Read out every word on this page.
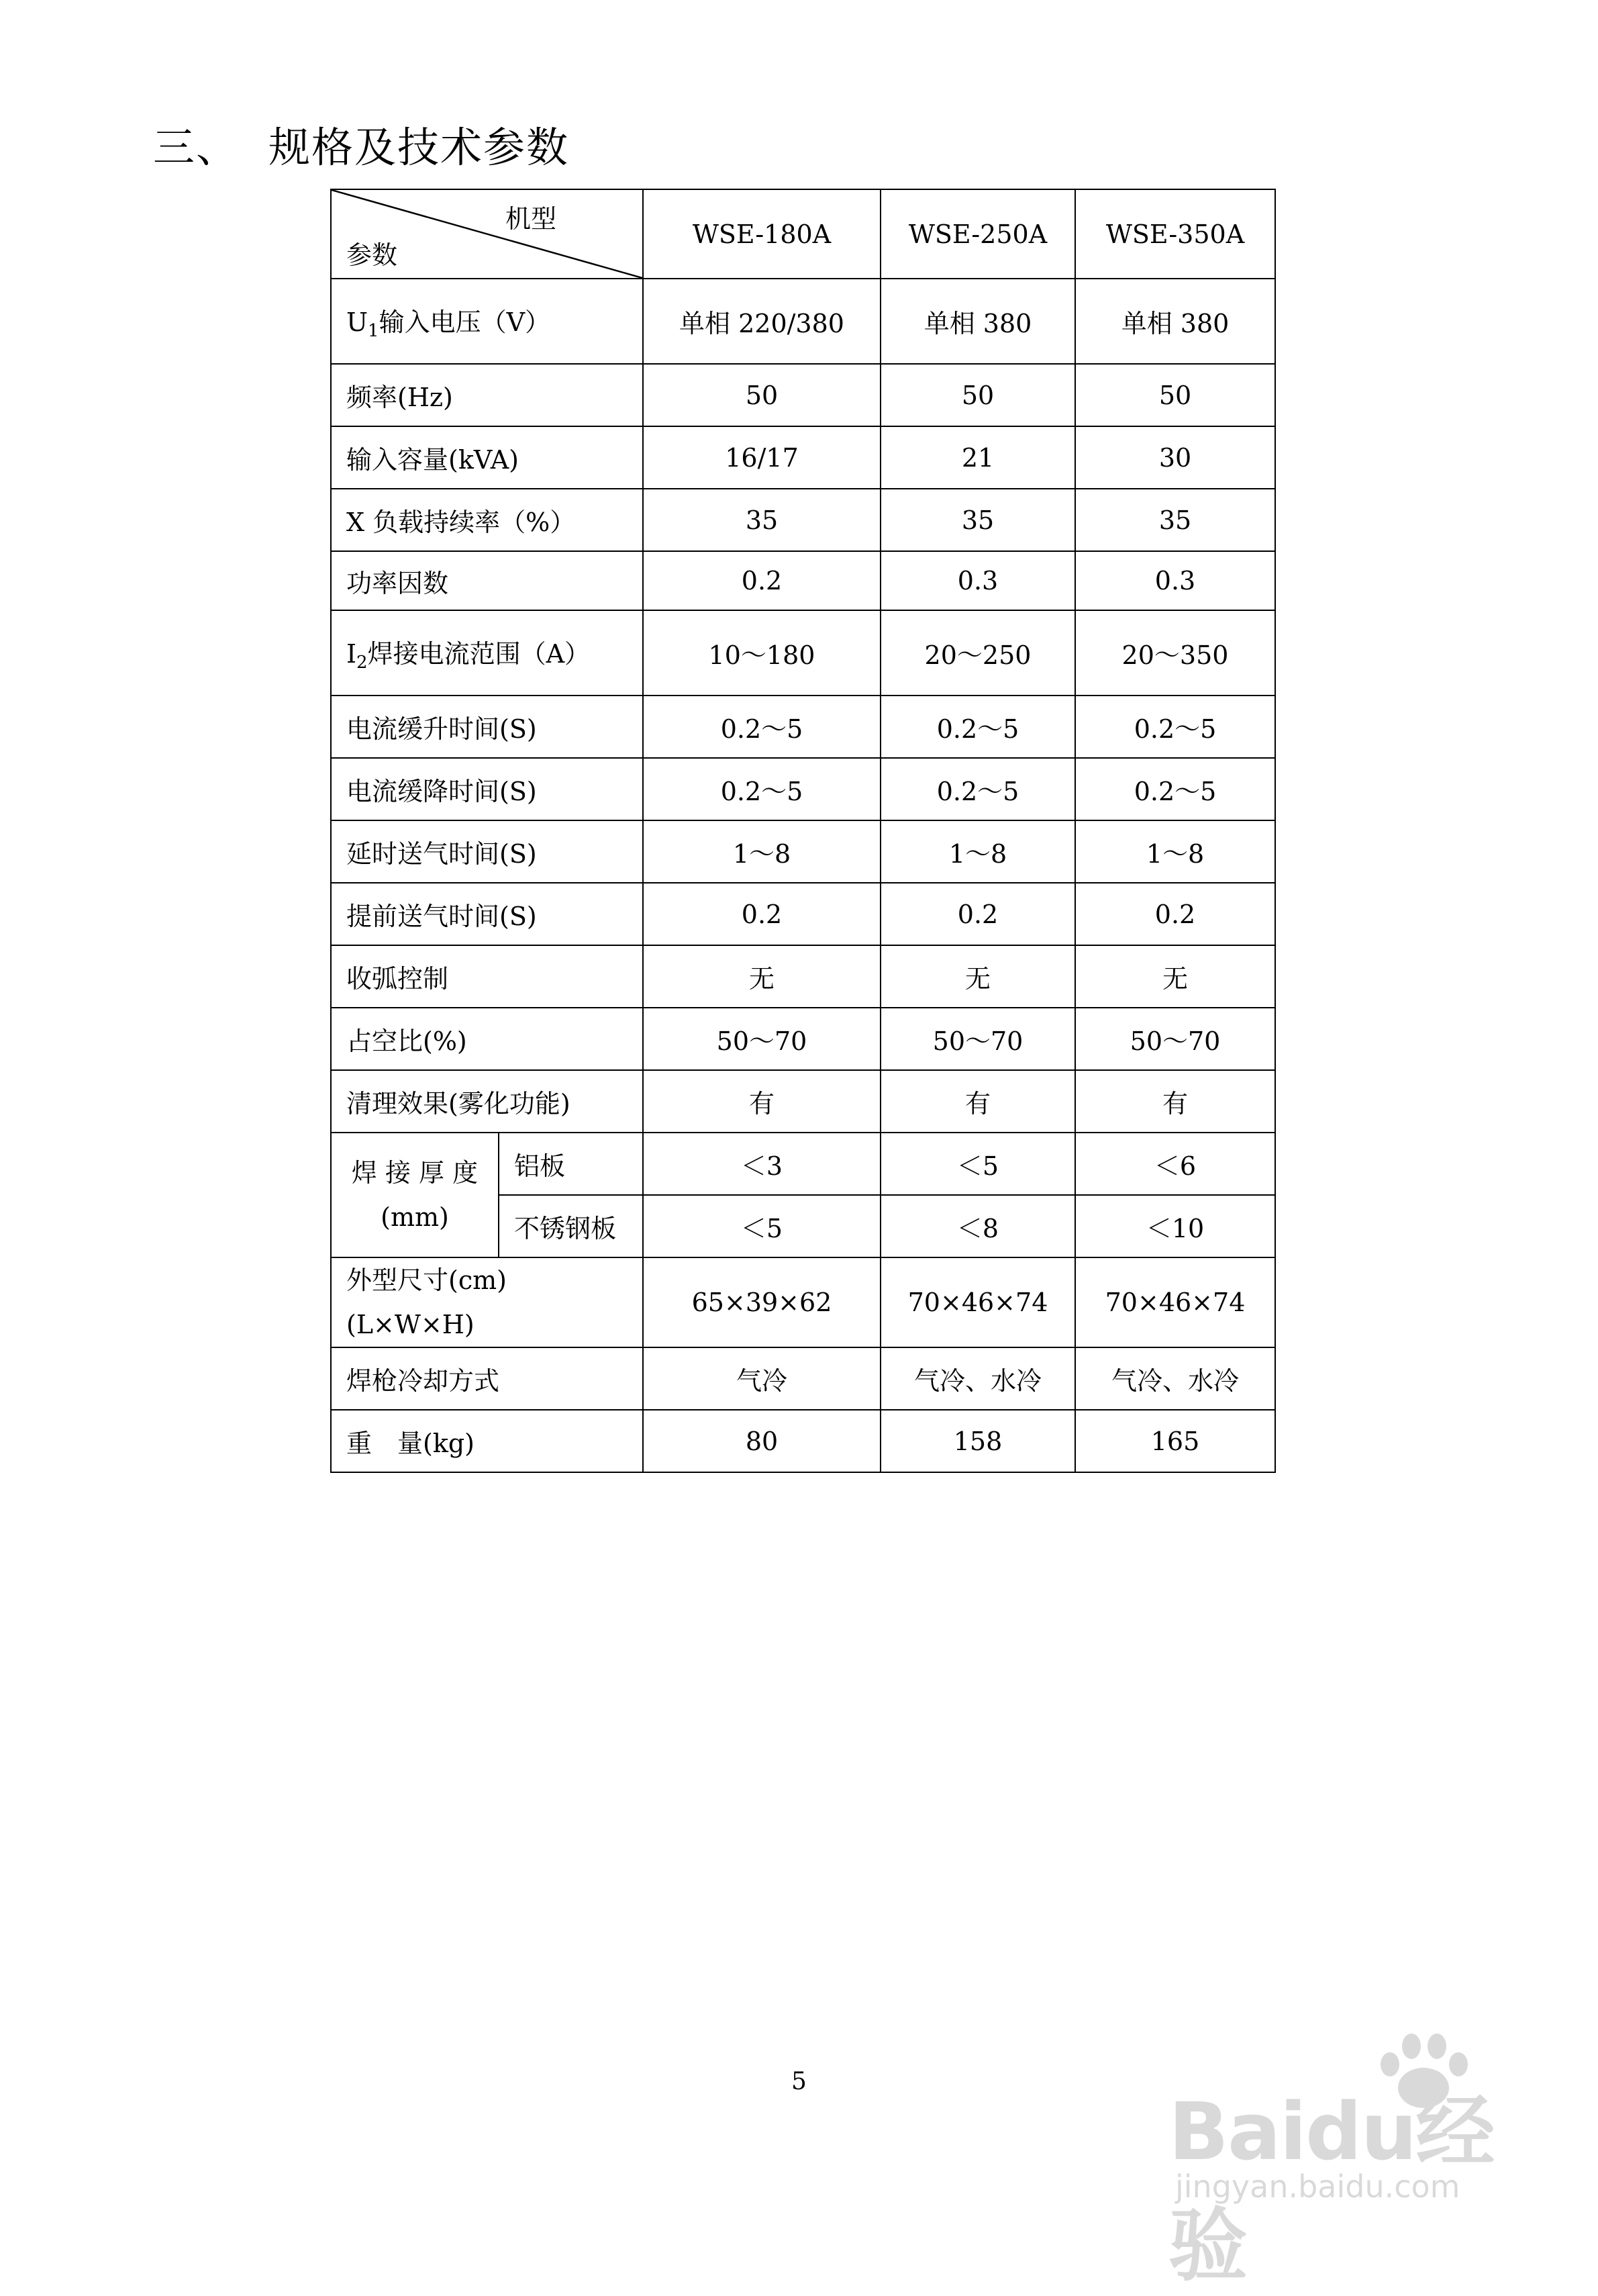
三、 规格及技术参数
机型
参数		WSE-180A	WSE-250A	WSE-350A
$U_1$输入电压（V）		单相 220/380	单相 380	单相 380
频率(Hz)		50	50	50
输入容量(kVA)		16/17	21	30
X 负载持续率（%）		35	35	35
功率因数		0.2	0.3	0.3
$I_2$焊接电流范围（A）		10～180	20～250	20～350
电流缓升时间(S)		0.2～5	0.2～5	0.2～5
电流缓降时间(S)		0.2～5	0.2～5	0.2～5
延时送气时间(S)		1～8	1～8	1～8
提前送气时间(S)		0.2	0.2	0.2
收弧控制		无	无	无
占空比(%)		50～70	50～70	50～70
清理效果(雾化功能)		有	有	有

焊 接 厚 度
(mm)	铝板	＜3	＜5	＜6
	不锈钢板	＜5	＜8	＜10

外型尺寸(cm)
(L×W×H)		65×39×62	70×46×74	70×46×74
焊枪冷却方式		气冷	气冷、水冷	气冷、水冷
重　量(kg)		80	158	165
5
Baidu经验
jingyan.baidu.com
